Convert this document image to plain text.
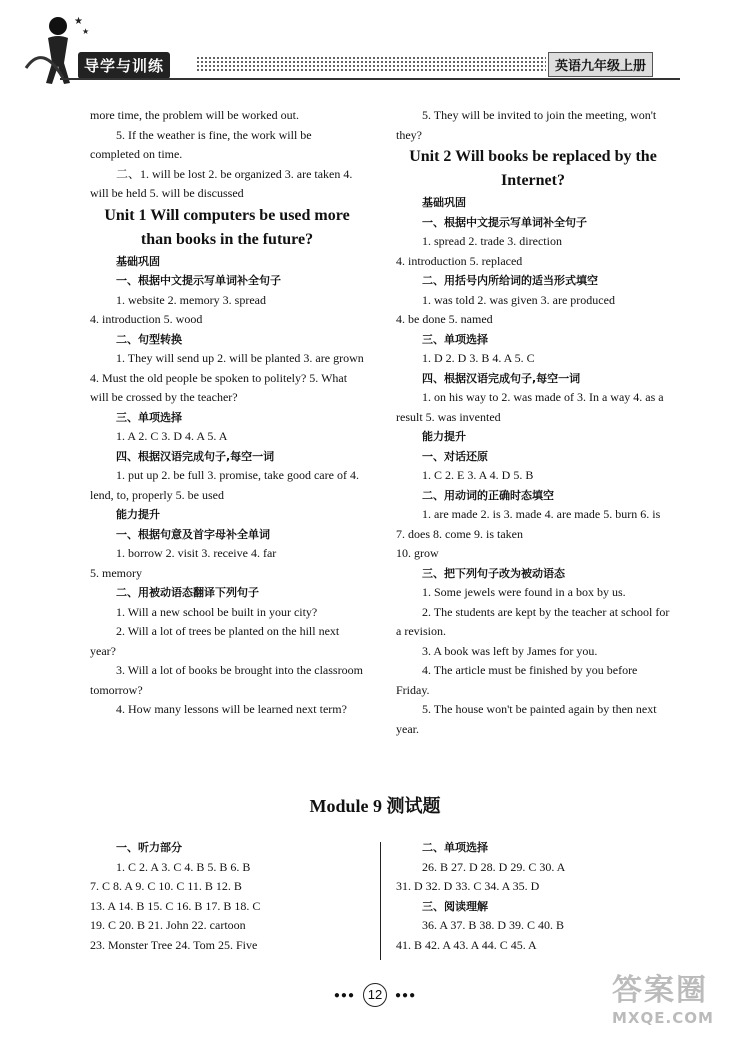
★
★
导学与训练	英语九年级上册

more time, the problem will be worked out.

5. If the weather is fine, the work will be completed on time.

二、1. will be lost 2. be organized 3. are taken 4. will be held 5. will be discussed

Unit 1 Will computers be used more than books in the future?

基础巩固

一、根据中文提示写单词补全句子

1. website 2. memory 3. spread

4. introduction 5. wood

二、句型转换

1. They will send up 2. will be planted 3. are grown 4. Must the old people be spoken to politely? 5. What will be crossed by the teacher?

三、单项选择

1. A 2. C 3. D 4. A 5. A

四、根据汉语完成句子,每空一词

1. put up 2. be full 3. promise, take good care of 4. lend, to, properly 5. be used

能力提升

一、根据句意及首字母补全单词

1. borrow 2. visit 3. receive 4. far

5. memory

二、用被动语态翻译下列句子

1. Will a new school be built in your city?

2. Will a lot of trees be planted on the hill next year?

3. Will a lot of books be brought into the classroom tomorrow?

4. How many lessons will be learned next term?

5. They will be invited to join the meeting, won't they?

Unit 2 Will books be replaced by the Internet?

基础巩固

一、根据中文提示写单词补全句子

1. spread 2. trade 3. direction

4. introduction 5. replaced

二、用括号内所给词的适当形式填空

1. was told 2. was given 3. are produced

4. be done 5. named

三、单项选择

1. D 2. D 3. B 4. A 5. C

四、根据汉语完成句子,每空一词

1. on his way to 2. was made of 3. In a way 4. as a result 5. was invented

能力提升

一、对话还原

1. C 2. E 3. A 4. D 5. B

二、用动词的正确时态填空

1. are made 2. is 3. made 4. are made 5. burn 6. is 7. does 8. come 9. is taken

10. grow

三、把下列句子改为被动语态

1. Some jewels were found in a box by us.

2. The students are kept by the teacher at school for a revision.

3. A book was left by James for you.

4. The article must be finished by you before Friday.

5. The house won't be painted again by then next year.

Module 9 测试题

一、听力部分

1. C 2. A 3. C 4. B 5. B 6. B

7. C 8. A 9. C 10. C 11. B 12. B

13. A 14. B 15. C 16. B 17. B 18. C

19. C 20. B 21. John 22. cartoon

23. Monster Tree 24. Tom 25. Five

二、单项选择

26. B 27. D 28. D 29. C 30. A

31. D 32. D 33. C 34. A 35. D

三、阅读理解

36. A 37. B 38. D 39. C 40. B

41. B 42. A 43. A 44. C 45. A

●●● 12 ●●●	答案圈
MXQE.COM
